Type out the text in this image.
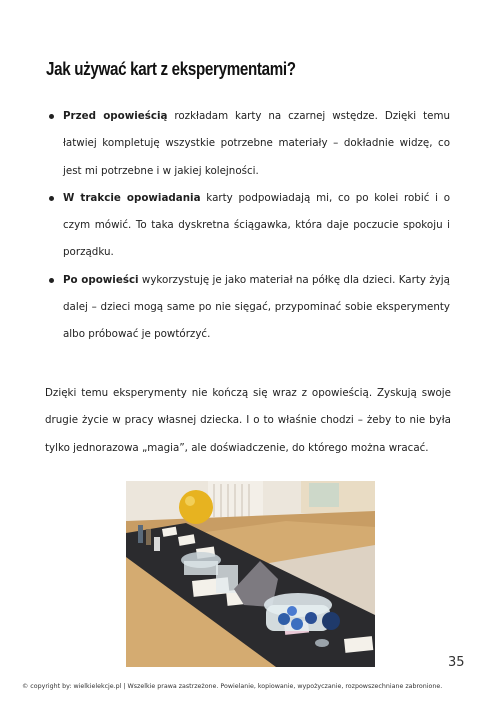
Jak używać kart z eksperymentami?
Przed opowieścią rozkładam karty na czarnej wstędze. Dzięki temu łatwiej kompletuję wszystkie potrzebne materiały – dokładnie widzę, co jest mi potrzebne i w jakiej kolejności.
W trakcie opowiadania karty podpowiadają mi, co po kolei robić i o czym mówić. To taka dyskretna ściągawka, która daje poczucie spokoju i porządku.
Po opowieści wykorzystuję je jako materiał na półkę dla dzieci. Karty żyją dalej – dzieci mogą same po nie sięgać, przypominać sobie eksperymenty albo próbować je powtórzyć.

Dzięki temu eksperymenty nie kończą się wraz z opowieścią. Zyskują swoje drugie życie w pracy własnej dziecka. I o to właśnie chodzi – żeby to nie była tylko jednorazowa „magia”, ale doświadczenie, do którego można wracać.

35
© copyright by: wielkielekcje.pl | Wszelkie prawa zastrzeżone. Powielanie, kopiowanie, wypożyczanie, rozpowszechniane zabronione.
